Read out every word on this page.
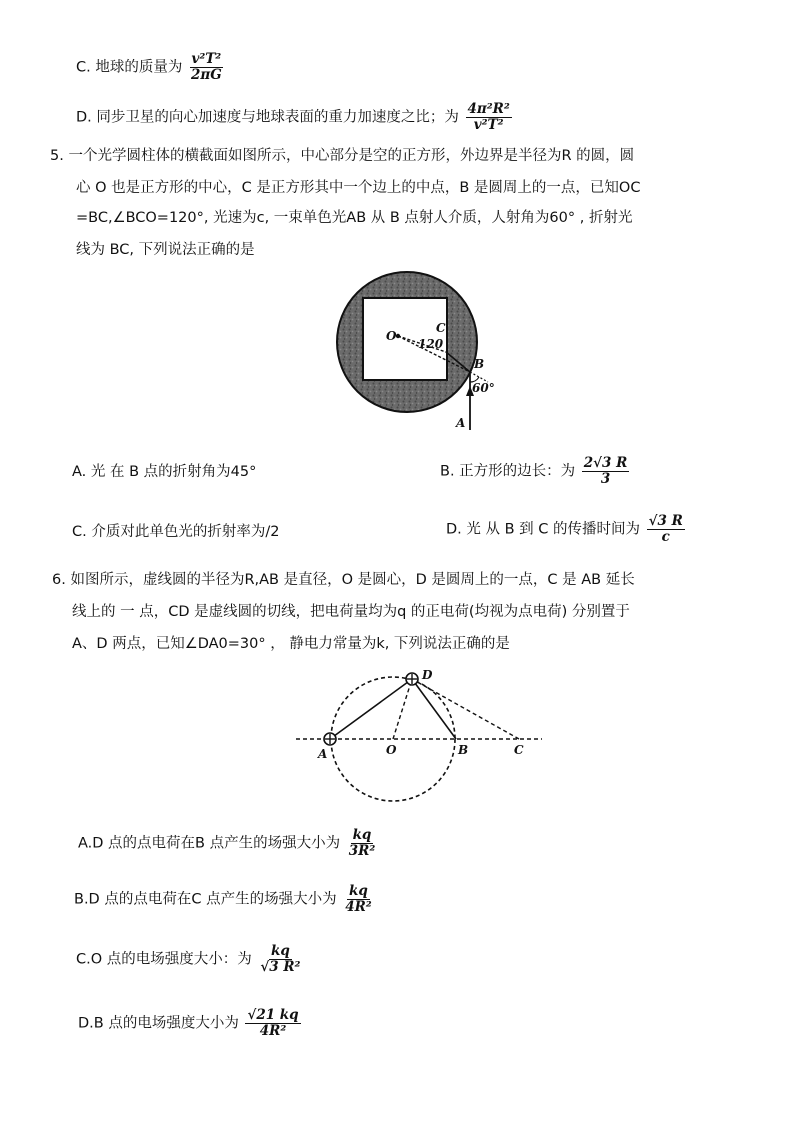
C. 地球的质量为 $\frac{\text{v²T²}}{2\pi G}$
D. 同步卫星的向心加速度与地球表面的重力加速度之比；为 $\frac{\text{4π²R²}}{\text{v²T²}}$
5. 一个光学圆柱体的横截面如图所示，中心部分是空的正方形，外边界是半径为R 的圆，圆
心 O 也是正方形的中心，C 是正方形其中一个边上的中点，B 是圆周上的一点，已知OC
=BC,∠BCO=120°, 光速为c, 一束单色光AB 从 B 点射人介质，人射角为60° , 折射光
线为 BC, 下列说法正确的是
O
C
120
B
60°
A
A. 光 在 B 点的折射角为45°	B. 正方形的边长：为 $\frac{2√3 R}{3}$
C. 介质对此单色光的折射率为/2	D. 光 从 B 到 C 的传播时间为 $\frac{√3 R}{c}$
6. 如图所示，虚线圆的半径为R,AB 是直径，O 是圆心，D 是圆周上的一点，C 是 AB 延长
线上的 一 点，CD 是虚线圆的切线，把电荷量均为q 的正电荷(均视为点电荷) 分别置于
A、D 两点，已知∠DA0=30° ， 静电力常量为k, 下列说法正确的是
A	O	B	C
D
A.D 点的点电荷在B 点产生的场强大小为 $\frac{kq}{\text{3R²}}$
B.D 点的点电荷在C 点产生的场强大小为 $\frac{kq}{\text{4R²}}$
C.O 点的电场强度大小：为 $\frac{kq}{\text{√3 R²}}$
D.B 点的电场强度大小为 $\frac{√21 kq}{\text{4R²}}$
